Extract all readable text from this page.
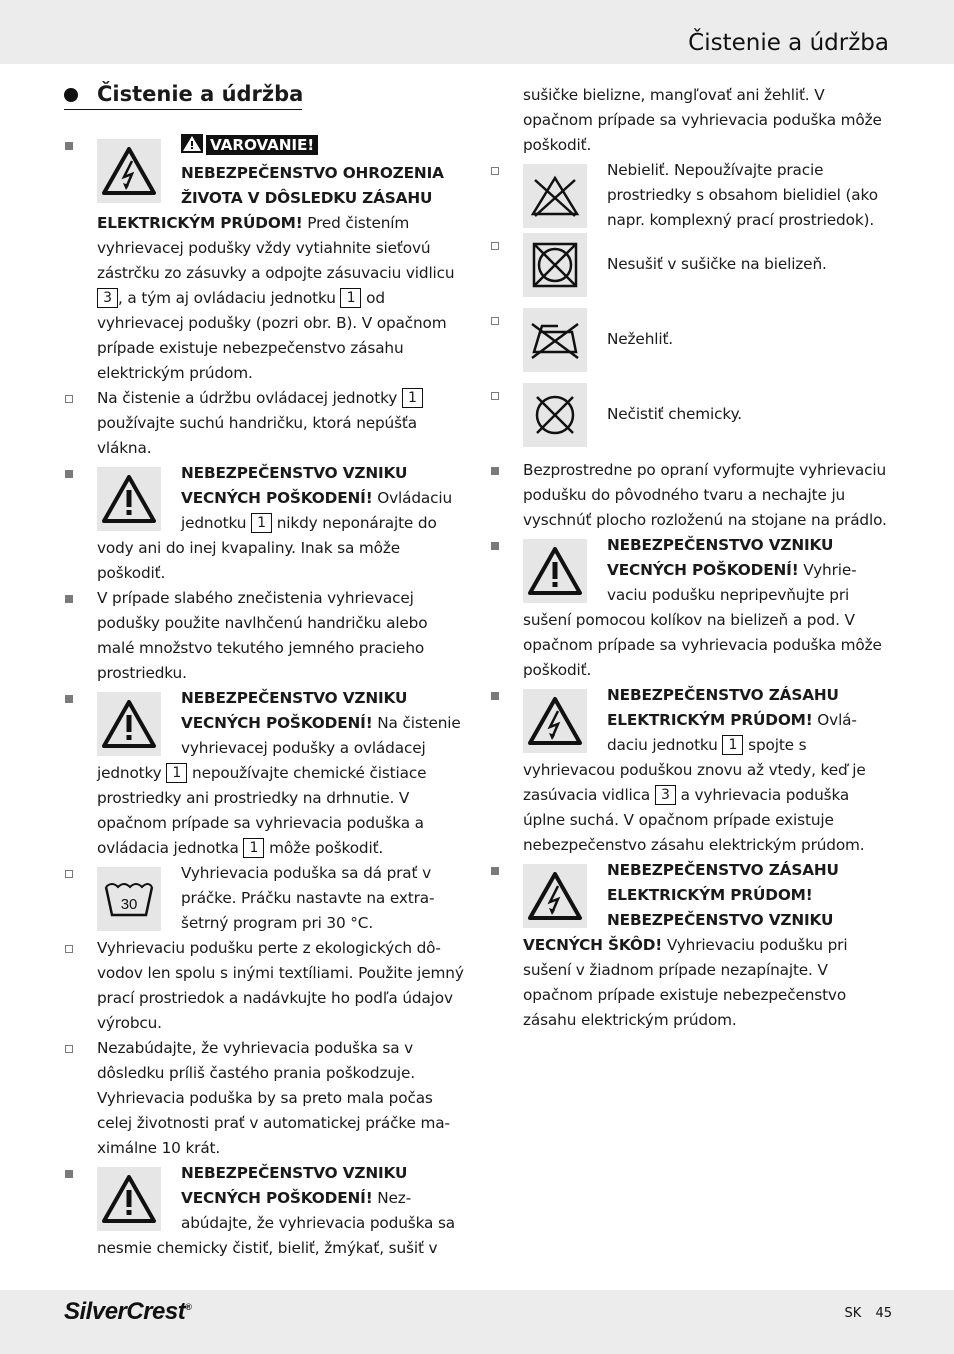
Čistenie a údržba
Čistenie a údržba
VAROVANIE!
NEBEZPEČENSTVO OHROZENIA ŽIVOTA V DÔSLEDKU ZÁSAHU ELEKTRICKÝM PRÚDOM! Pred čistením vyhrievacej podušky vždy vytiahnite sieťovú zástrčku zo zásuvky a odpojte zásuvaciu vidlicu 3 , a tým aj ovládaciu jednotku 1 od vyhrievacej podušky (pozri obr. B). V opačnom prípade existuje nebezpečenstvo zásahu elektrickým prúdom.
Na čistenie a údržbu ovládacej jednotky 1 používajte suchú handričku, ktorá nepúšťa vlákna.
NEBEZPEČENSTVO VZNIKU VECNÝCH POŠKODENÍ! Ovládaciu jednotku 1 nikdy neponárajte do vody ani do inej kvapaliny. Inak sa môže poškodiť.
V prípade slabého znečistenia vyhrievacej podušky použite navlhčenú handričku alebo malé množstvo tekutého jemného pracieho prostriedku.
NEBEZPEČENSTVO VZNIKU VECNÝCH POŠKODENÍ! Na čistenie vyhrievacej podušky a ovládacej jednotky 1 nepoužívajte chemické čistiace prostriedky ani prostriedky na drhnutie. V opačnom prípade sa vyhrievacia poduška a ovládacia jednotka 1 môže poškodiť.
30
Vyhrievacia poduška sa dá prať v práčke. Práčku nastavte na extrašetrný program pri 30 °C.
Vyhrievaciu podušku perte z ekologických dôvodov len spolu s inými textíliami. Použite jemný prací prostriedok a nadávkujte ho podľa údajov výrobcu.
Nezabúdajte, že vyhrievacia poduška sa v dôsledku príliš častého prania poškodzuje. Vyhrievacia poduška by sa preto mala počas celej životnosti prať v automatickej práčke maximálne 10 krát.
NEBEZPEČENSTVO VZNIKU VECNÝCH POŠKODENÍ! Nezabúdajte, že vyhrievacia poduška sa nesmie chemicky čistiť, bieliť, žmýkať, sušiť v
sušičke bielizne, mangľovať ani žehliť. V opačnom prípade sa vyhrievacia poduška môže poškodiť.
Nebieliť. Nepoužívajte pracie prostriedky s obsahom bielidiel (ako napr. komplexný prací prostriedok).
Nesušiť v sušičke na bielizeň.
Nežehliť.
Nečistiť chemicky.
Bezprostredne po opraní vyformujte vyhrievaciu podušku do pôvodného tvaru a nechajte ju vyschnúť plocho rozloženú na stojane na prádlo.
NEBEZPEČENSTVO VZNIKU VECNÝCH POŠKODENÍ! Vyhrievaciu podušku nepripevňujte pri sušení pomocou kolíkov na bielizeň a pod. V opačnom prípade sa vyhrievacia poduška môže poškodiť.
NEBEZPEČENSTVO ZÁSAHU ELEKTRICKÝM PRÚDOM! Ovládaciu jednotku 1 spojte s vyhrievacou poduškou znovu až vtedy, keď je zasúvacia vidlica 3 a vyhrievacia poduška úplne suchá. V opačnom prípade existuje nebezpečenstvo zásahu elektrickým prúdom.
NEBEZPEČENSTVO ZÁSAHU ELEKTRICKÝM PRÚDOM! NEBEZPEČENSTVO VZNIKU VECNÝCH ŠKÔD! Vyhrievaciu podušku pri sušení v žiadnom prípade nezapínajte. V opačnom prípade existuje nebezpečenstvo zásahu elektrickým prúdom.
SilverCrest®	SK 45
